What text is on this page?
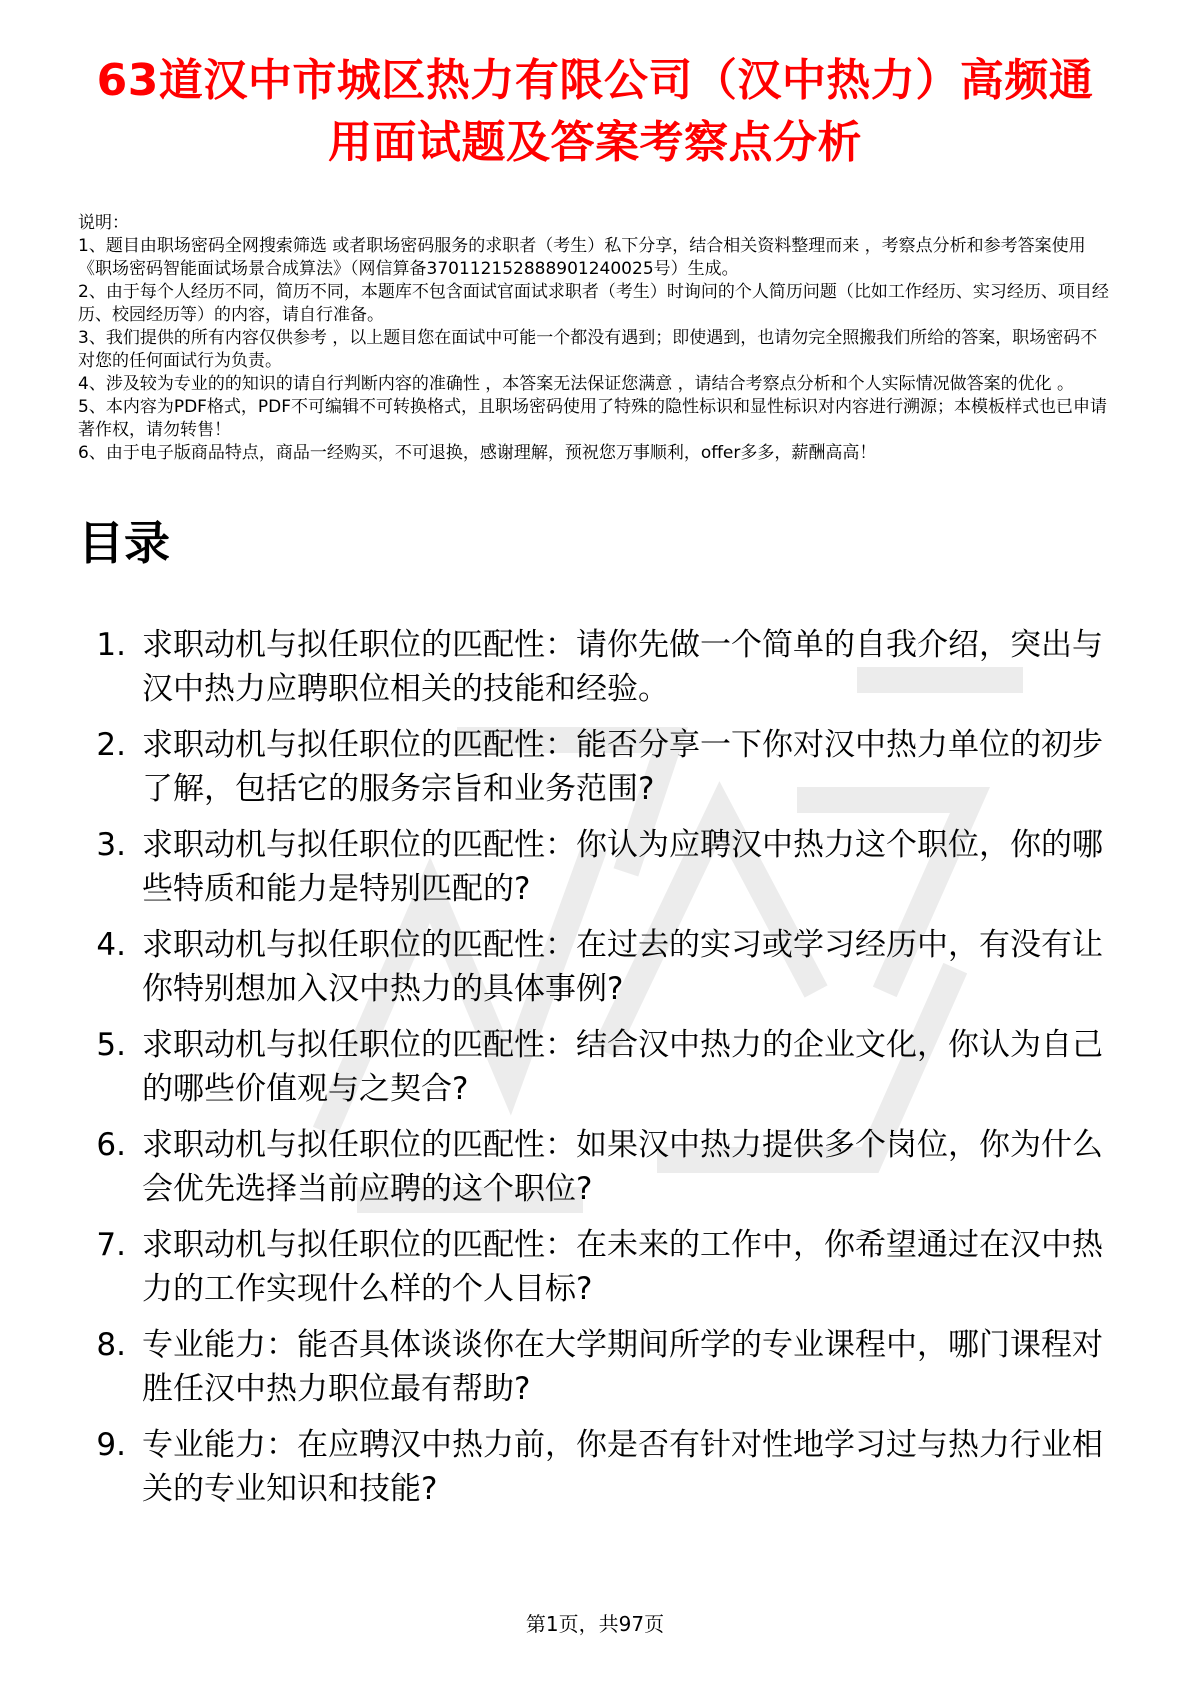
63道汉中市城区热力有限公司（汉中热力）高频通用面试题及答案考察点分析

说明：

1、题目由职场密码全网搜索筛选 或者职场密码服务的求职者（考生）私下分享，结合相关资料整理而来 ，考察点分析和参考答案使用《职场密码智能面试场景合成算法》（网信算备370112152888901240025号）生成。

2、由于每个人经历不同，简历不同，本题库不包含面试官面试求职者（考生）时询问的个人简历问题（比如工作经历、实习经历、项目经历、校园经历等）的内容，请自行准备。

3、我们提供的所有内容仅供参考 ，以上题目您在面试中可能一个都没有遇到；即使遇到，也请勿完全照搬我们所给的答案，职场密码不对您的任何面试行为负责。

4、涉及较为专业的的知识的请自行判断内容的准确性 ，本答案无法保证您满意 ，请结合考察点分析和个人实际情况做答案的优化 。

5、本内容为PDF格式，PDF不可编辑不可转换格式，且职场密码使用了特殊的隐性标识和显性标识对内容进行溯源；本模板样式也已申请著作权，请勿转售！

6、由于电子版商品特点，商品一经购买，不可退换，感谢理解，预祝您万事顺利，offer多多，薪酬高高！

目录
1. 求职动机与拟任职位的匹配性：请你先做一个简单的自我介绍，突出与汉中热力应聘职位相关的技能和经验。
2. 求职动机与拟任职位的匹配性：能否分享一下你对汉中热力单位的初步了解，包括它的服务宗旨和业务范围?
3. 求职动机与拟任职位的匹配性：你认为应聘汉中热力这个职位，你的哪些特质和能力是特别匹配的?
4. 求职动机与拟任职位的匹配性：在过去的实习或学习经历中，有没有让你特别想加入汉中热力的具体事例?
5. 求职动机与拟任职位的匹配性：结合汉中热力的企业文化，你认为自己的哪些价值观与之契合?
6. 求职动机与拟任职位的匹配性：如果汉中热力提供多个岗位，你为什么会优先选择当前应聘的这个职位?
7. 求职动机与拟任职位的匹配性：在未来的工作中，你希望通过在汉中热力的工作实现什么样的个人目标?
8. 专业能力：能否具体谈谈你在大学期间所学的专业课程中，哪门课程对胜任汉中热力职位最有帮助?
9. 专业能力：在应聘汉中热力前，你是否有针对性地学习过与热力行业相关的专业知识和技能?
第1页，共97页
